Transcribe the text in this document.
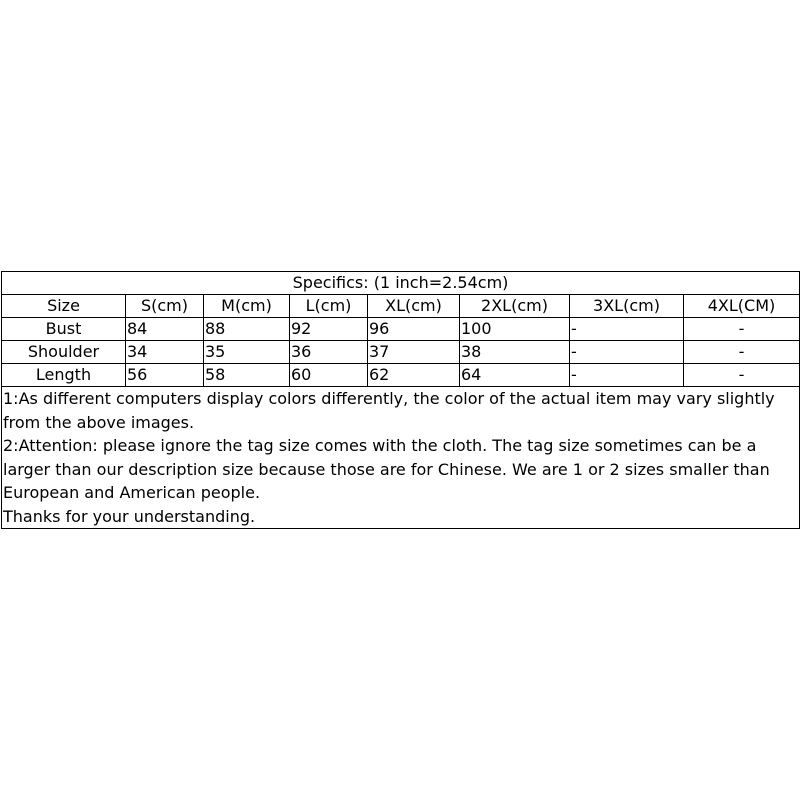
Specifics: (1 inch=2.54cm)							
Size	S(cm)	M(cm)	L(cm)	XL(cm)	2XL(cm)	3XL(cm)	4XL(CM)
Bust	84	88	92	96	100	-	-
Shoulder	34	35	36	37	38	-	-
Length	56	58	60	62	64	-	-

1:As different computers display colors differently, the color of the actual item may vary slightly from the above images.
2:Attention: please ignore the tag size comes with the cloth. The tag size sometimes can be a larger than our description size because those are for Chinese. We are 1 or 2 sizes smaller than European and American people.
Thanks for your understanding.							
